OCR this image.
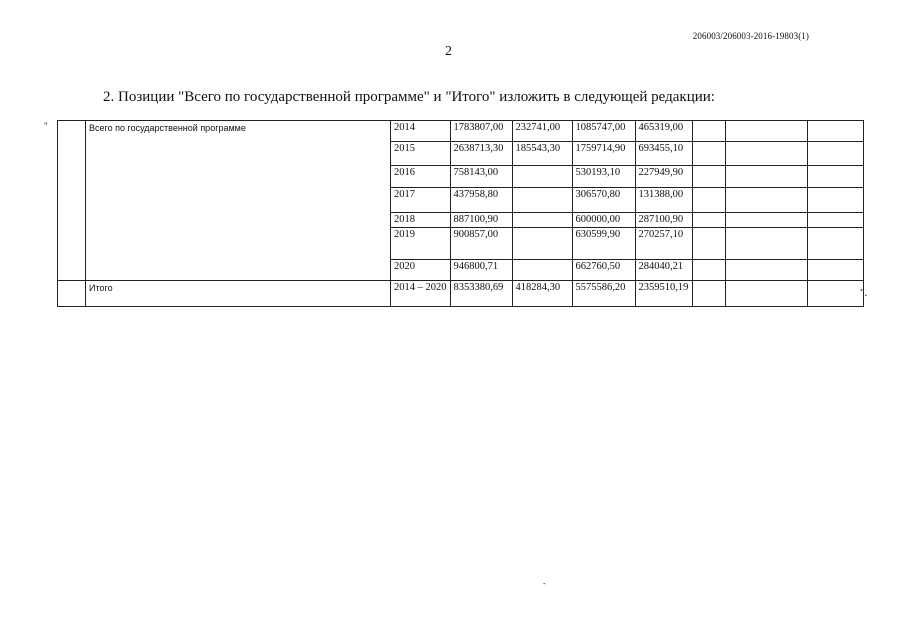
206003/206003-2016-19803(1)
2
2. Позиции "Всего по государственной программе" и "Итого" изложить в следующей редакции:
"
".
-
	Всего по государственной программе	2014	1783807,00	232741,00	1085747,00	465319,00			
		2015	2638713,30	185543,30	1759714,90	693455,10			
		2016	758143,00		530193,10	227949,90			
		2017	437958,80		306570,80	131388,00			
		2018	887100,90		600000,00	287100,90			
		2019	900857,00		630599,90	270257,10			
		2020	946800,71		662760,50	284040,21			
	Итого	2014 – 2020	8353380,69	418284,30	5575586,20	2359510,19			
